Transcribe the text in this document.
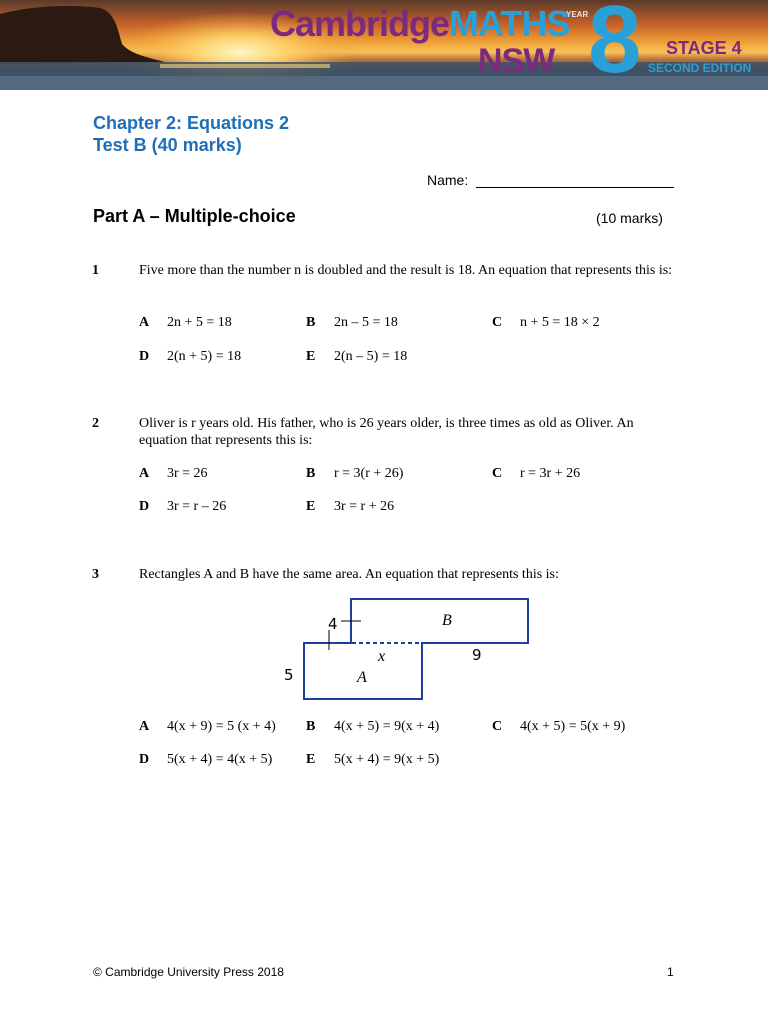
CambridgeMATHS
NSW
YEAR 8 STAGE 4
SECOND EDITION
Chapter 2: Equations 2
Test B (40 marks)
Name:
Part A – Multiple-choice	(10 marks)
1	Five more than the number n is doubled and the result is 18. An equation that represents this is:
A 2n + 5 = 18	B 2n – 5 = 18	C n + 5 = 18 × 2
D 2(n + 5) = 18	E 2(n – 5) = 18
2	Oliver is r years old. His father, who is 26 years older, is three times as old as Oliver. An equation that represents this is:
A 3r = 26	B r = 3(r + 26)	C r = 3r + 26
D 3r = r – 26	E 3r = r + 26
3	Rectangles A and B have the same area. An equation that represents this is:
4	B
x	9
5	A
A 4(x + 9) = 5 (x + 4) B 4(x + 5) = 9(x + 4)	C 4(x + 5) = 5(x + 9)
D 5(x + 4) = 4(x + 5) E 5(x + 4) = 9(x + 5)
© Cambridge University Press 2018	1
